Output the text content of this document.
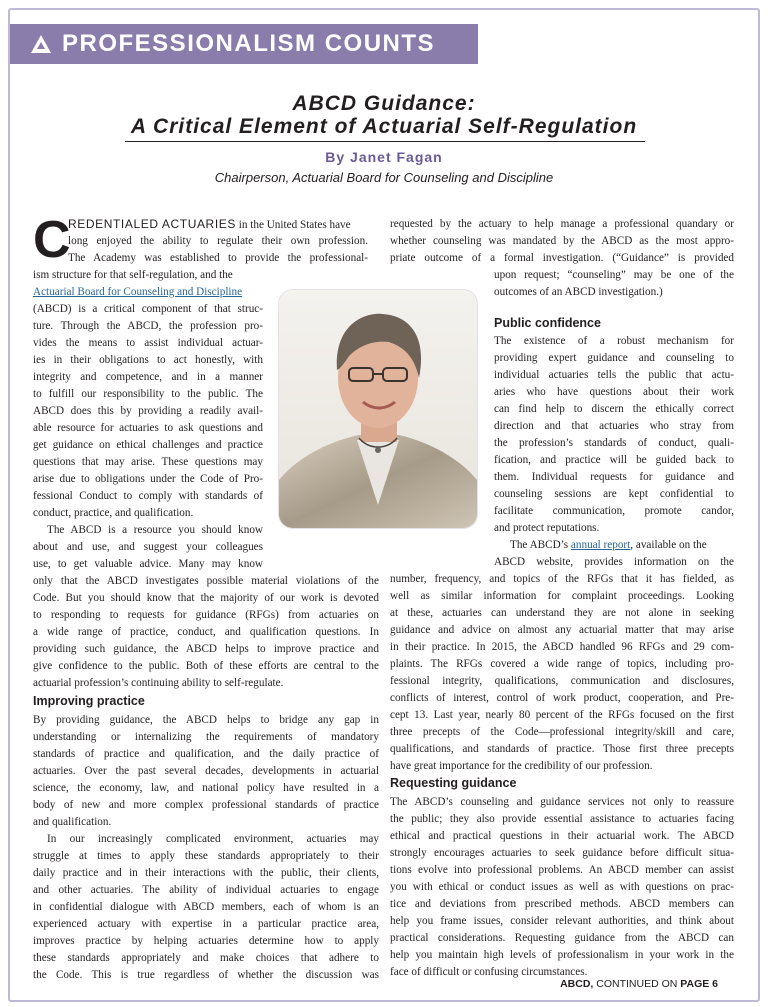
PROFESSIONALISM COUNTS
ABCD Guidance:
A Critical Element of Actuarial Self-Regulation
By Janet Fagan
Chairperson, Actuarial Board for Counseling and Discipline
C
REDENTIALED ACTUARIES in the United States have
long enjoyed the ability to regulate their own profession.
The Academy was established to provide the professional-
ism structure for that self-regulation, and the
Actuarial Board for Counseling and Discipline
(ABCD) is a critical component of that struc-
ture. Through the ABCD, the profession pro-
vides the means to assist individual actuar-
ies in their obligations to act honestly, with
integrity and competence, and in a manner
to fulfill our responsibility to the public. The
ABCD does this by providing a readily avail-
able resource for actuaries to ask questions and
get guidance on ethical challenges and practice
questions that may arise. These questions may
arise due to obligations under the Code of Pro-
fessional Conduct to comply with standards of
conduct, practice, and qualification.
The ABCD is a resource you should know
about and use, and suggest your colleagues
use, to get valuable advice. Many may know
only that the ABCD investigates possible material violations of the
Code. But you should know that the majority of our work is devoted
to responding to requests for guidance (RFGs) from actuaries on
a wide range of practice, conduct, and qualification questions. In
providing such guidance, the ABCD helps to improve practice and
give confidence to the public. Both of these efforts are central to the
actuarial profession’s continuing ability to self-regulate.
Improving practice
By providing guidance, the ABCD helps to bridge any gap in
understanding or internalizing the requirements of mandatory
standards of practice and qualification, and the daily practice of
actuaries. Over the past several decades, developments in actuarial
science, the economy, law, and national policy have resulted in a
body of new and more complex professional standards of practice
and qualification.
In our increasingly complicated environment, actuaries may
struggle at times to apply these standards appropriately to their
daily practice and in their interactions with the public, their clients,
and other actuaries. The ability of individual actuaries to engage
in confidential dialogue with ABCD members, each of whom is an
experienced actuary with expertise in a particular practice area,
improves practice by helping actuaries determine how to apply
these standards appropriately and make choices that adhere to
the Code. This is true regardless of whether the discussion was
requested by the actuary to help manage a professional quandary or
whether counseling was mandated by the ABCD as the most appro-
priate outcome of a formal investigation. (“Guidance” is provided
upon request; “counseling” may be one of the
outcomes of an ABCD investigation.)
Public confidence
The existence of a robust mechanism for
providing expert guidance and counseling to
individual actuaries tells the public that actu-
aries who have questions about their work
can find help to discern the ethically correct
direction and that actuaries who stray from
the profession’s standards of conduct, quali-
fication, and practice will be guided back to
them. Individual requests for guidance and
counseling sessions are kept confidential to
facilitate communication, promote candor,
and protect reputations.
The ABCD’s annual report, available on the
ABCD website, provides information on the
number, frequency, and topics of the RFGs that it has fielded, as
well as similar information for complaint proceedings. Looking
at these, actuaries can understand they are not alone in seeking
guidance and advice on almost any actuarial matter that may arise
in their practice. In 2015, the ABCD handled 96 RFGs and 29 com-
plaints. The RFGs covered a wide range of topics, including pro-
fessional integrity, qualifications, communication and disclosures,
conflicts of interest, control of work product, cooperation, and Pre-
cept 13. Last year, nearly 80 percent of the RFGs focused on the first
three precepts of the Code—professional integrity/skill and care,
qualifications, and standards of practice. Those first three precepts
have great importance for the credibility of our profession.
Requesting guidance
The ABCD’s counseling and guidance services not only to reassure
the public; they also provide essential assistance to actuaries facing
ethical and practical questions in their actuarial work. The ABCD
strongly encourages actuaries to seek guidance before difficult situa-
tions evolve into professional problems. An ABCD member can assist
you with ethical or conduct issues as well as with questions on prac-
tice and deviations from prescribed methods. ABCD members can
help you frame issues, consider relevant authorities, and think about
practical considerations. Requesting guidance from the ABCD can
help you maintain high levels of professionalism in your work in the
face of difficult or confusing circumstances.
ABCD, CONTINUED ON PAGE 6
